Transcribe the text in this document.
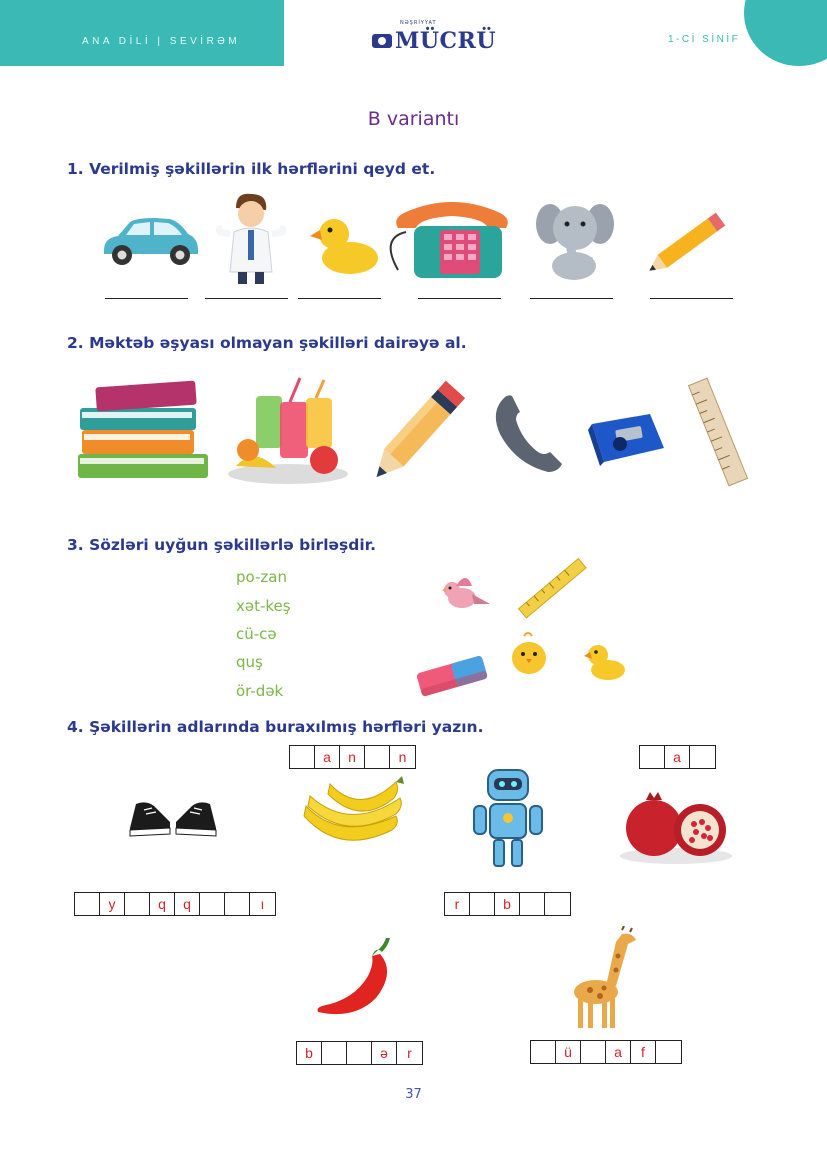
ANA DİLİ | SEVİRƏM
NƏŞRİYYAT
MÜCRÜ	1-Cİ SİNİF
B variantı
1. Verilmiş şəkillərin ilk hərflərini qeyd et.
2. Məktəb əşyası olmayan şəkilləri dairəyə al.
3. Sözləri uyğun şəkillərlə birləşdir.
po-zan
xət-keş
cü-cə
quş
ör-dək
4. Şəkillərin adlarında buraxılmış hərfləri yazın.
y	q	q	ı
a	n	n
r	b
a
b	ə	r	ü	a	f
37
